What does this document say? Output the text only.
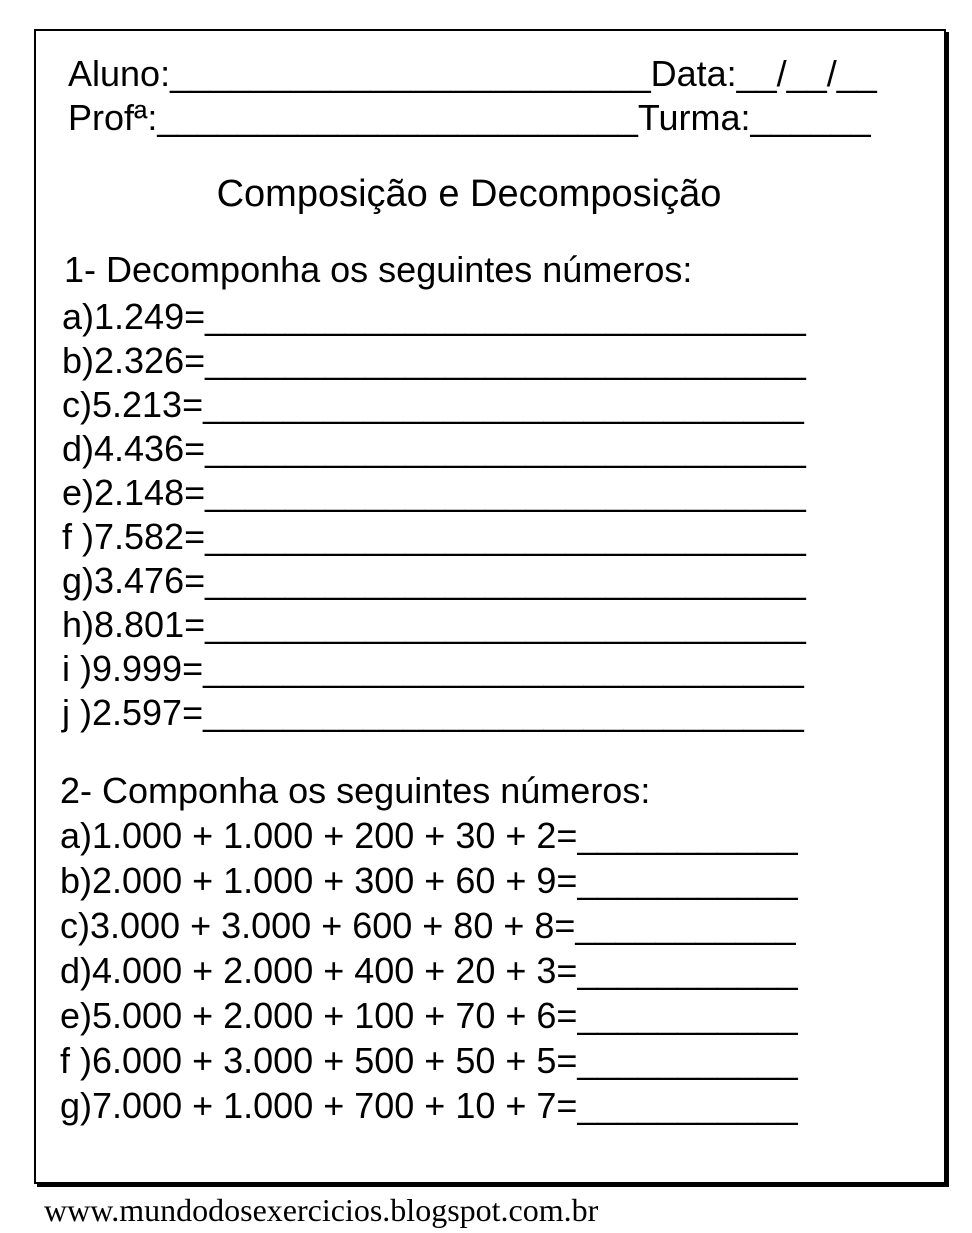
Aluno:________________________Data:__/__/__
Profª:________________________Turma:______
Composição e Decomposição
1- Decomponha os seguintes números:
a)1.249=______________________________
b)2.326=______________________________
c)5.213=______________________________
d)4.436=______________________________
e)2.148=______________________________
f )7.582=______________________________
g)3.476=______________________________
h)8.801=______________________________
i )9.999=______________________________
j )2.597=______________________________
2- Componha os seguintes números:
a)1.000 + 1.000 + 200 + 30 + 2=___________
b)2.000 + 1.000 + 300 + 60 + 9=___________
c)3.000 + 3.000 + 600 + 80 + 8=___________
d)4.000 + 2.000 + 400 + 20 + 3=___________
e)5.000 + 2.000 + 100 + 70 + 6=___________
f )6.000 + 3.000 + 500 + 50 + 5=___________
g)7.000 + 1.000 + 700 + 10 + 7=___________
www.mundodosexercicios.blogspot.com.br
